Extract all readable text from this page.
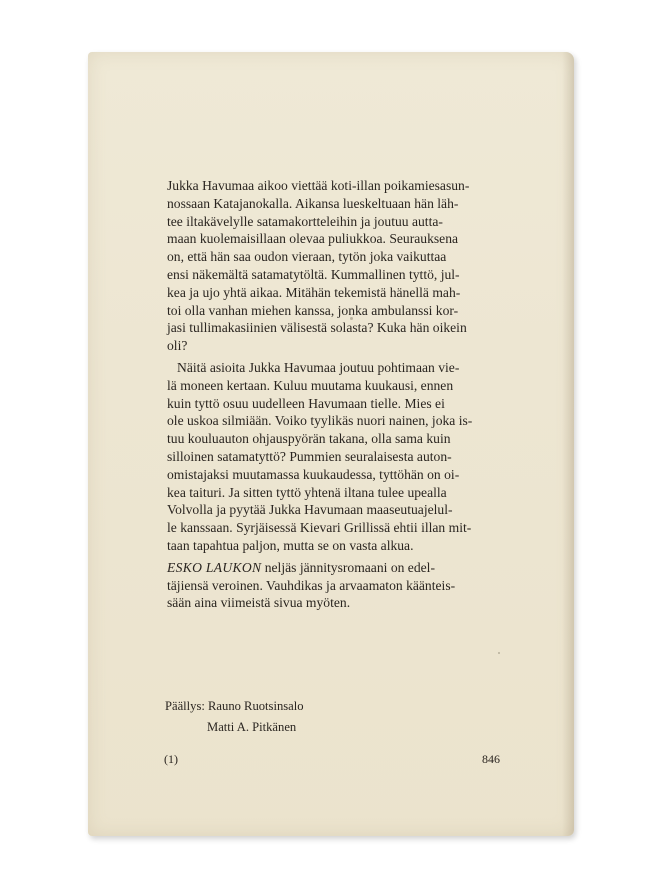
Jukka Havumaa aikoo viettää koti-illan poikamiesasun-
nossaan Katajanokalla. Aikansa lueskeltuaan hän läh-
tee iltakävelylle satamakortteleihin ja joutuu autta-
maan kuolemaisillaan olevaa puliukkoa. Seurauksena
on, että hän saa oudon vieraan, tytön joka vaikuttaa
ensi näkemältä satamatytöltä. Kummallinen tyttö, jul-
kea ja ujo yhtä aikaa. Mitähän tekemistä hänellä mah-
toi olla vanhan miehen kanssa, jonka ambulanssi kor-
jasi tullimakasiinien välisestä solasta? Kuka hän oikein
oli?

Näitä asioita Jukka Havumaa joutuu pohtimaan vie-
lä moneen kertaan. Kuluu muutama kuukausi, ennen
kuin tyttö osuu uudelleen Havumaan tielle. Mies ei
ole uskoa silmiään. Voiko tyylikäs nuori nainen, joka is-
tuu kouluauton ohjauspyörän takana, olla sama kuin
silloinen satamatyttö? Pummien seuralaisesta auton-
omistajaksi muutamassa kuukaudessa, tyttöhän on oi-
kea taituri. Ja sitten tyttö yhtenä iltana tulee upealla
Volvolla ja pyytää Jukka Havumaan maaseutuajelul-
le kanssaan. Syrjäisessä Kievari Grillissä ehtii illan mit-
taan tapahtua paljon, mutta se on vasta alkua.

ESKO LAUKON neljäs jännitysromaani on edel-
täjiensä veroinen. Vauhdikas ja arvaamaton käänteis-
sään aina viimeistä sivua myöten.

Päällys: Rauno Ruotsinsalo
Matti A. Pitkänen
(1)	846
